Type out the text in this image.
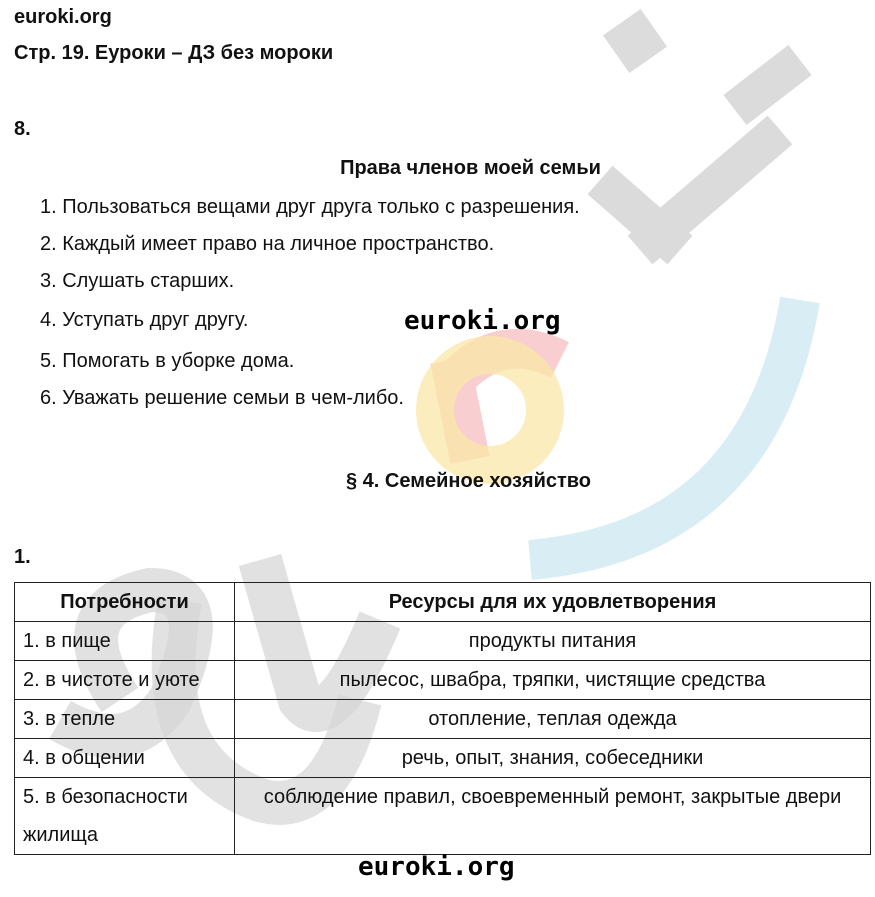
euroki.org
Стр. 19. Еуроки – ДЗ без мороки
8.
Права членов моей семьи
1. Пользоваться вещами друг друга только с разрешения.
2. Каждый имеет право на личное пространство.
3. Слушать старших.
4. Уступать друг другу.
5. Помогать в уборке дома.
6. Уважать решение семьи в чем-либо.
euroki.org
§ 4. Семейное хозяйство
1.
Потребности	Ресурсы для их удовлетворения
1. в пище	продукты питания
2. в чистоте и уюте	пылесос, швабра, тряпки, чистящие средства
3. в тепле	отопление, теплая одежда
4. в общении	речь, опыт, знания, собеседники
5. в безопасности жилища	соблюдение правил, своевременный ремонт, закрытые двери
euroki.org
